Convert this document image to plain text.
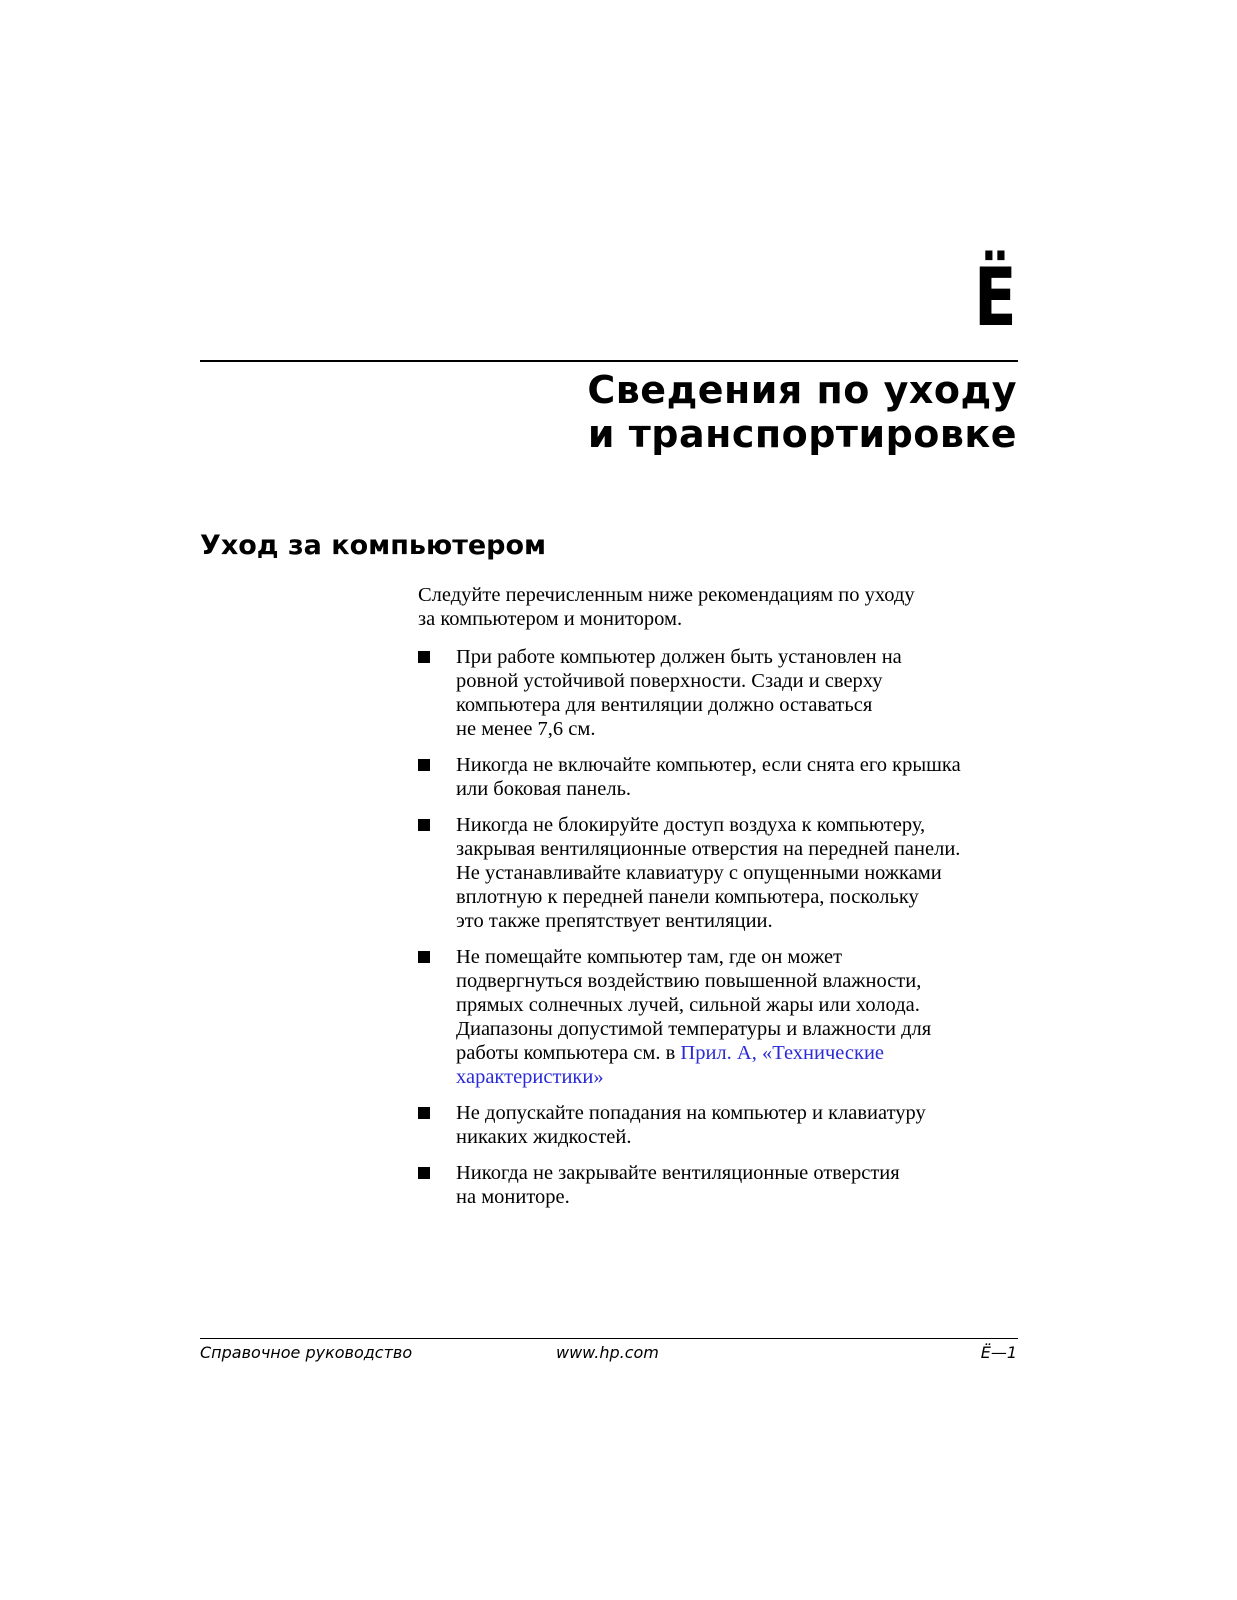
Ё
Сведения по уходу
и транспортировке
Уход за компьютером

Следуйте перечисленным ниже рекомендациям по уходу
за компьютером и монитором.

При работе компьютер должен быть установлен на
ровной устойчивой поверхности. Сзади и сверху
компьютера для вентиляции должно оставаться
не менее 7,6 см.
Никогда не включайте компьютер, если снята его крышка
или боковая панель.
Никогда не блокируйте доступ воздуха к компьютеру,
закрывая вентиляционные отверстия на передней панели.
Не устанавливайте клавиатуру с опущенными ножками
вплотную к передней панели компьютера, поскольку
это также препятствует вентиляции.
Не помещайте компьютер там, где он может
подвергнуться воздействию повышенной влажности,
прямых солнечных лучей, сильной жары или холода.
Диапазоны допустимой температуры и влажности для
работы компьютера см. в Прил. A, «Технические
характеристики»
Не допускайте попадания на компьютер и клавиатуру
никаких жидкостей.
Никогда не закрывайте вентиляционные отверстия
на мониторе.
Справочное руководство	www.hp.com	Ё—1
